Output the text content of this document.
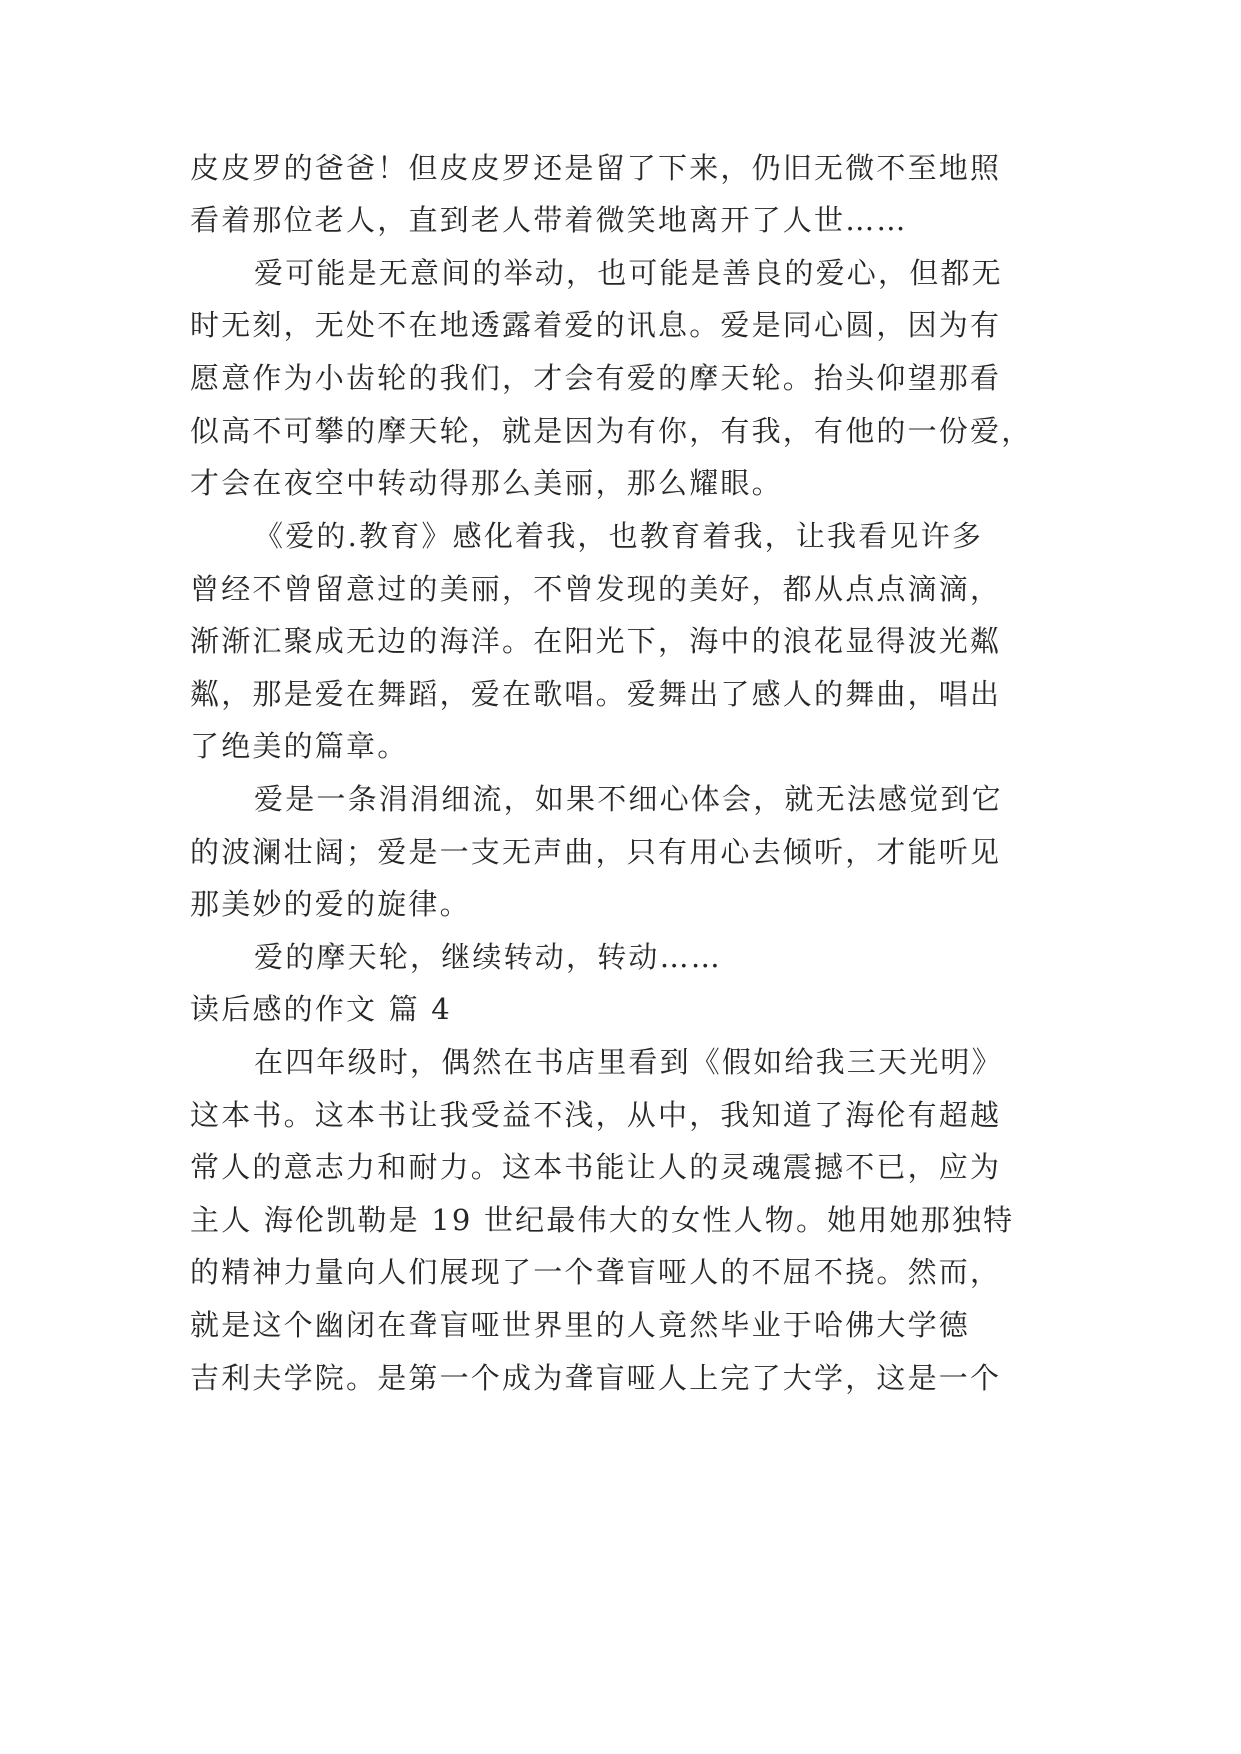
皮皮罗的爸爸！但皮皮罗还是留了下来，仍旧无微不至地照
看着那位老人，直到老人带着微笑地离开了人世……
爱可能是无意间的举动，也可能是善良的爱心，但都无
时无刻，无处不在地透露着爱的讯息。爱是同心圆，因为有
愿意作为小齿轮的我们，才会有爱的摩天轮。抬头仰望那看
似高不可攀的摩天轮，就是因为有你，有我，有他的一份爱，
才会在夜空中转动得那么美丽，那么耀眼。
《爱的.教育》感化着我，也教育着我，让我看见许多
曾经不曾留意过的美丽，不曾发现的美好，都从点点滴滴，
渐渐汇聚成无边的海洋。在阳光下，海中的浪花显得波光粼
粼，那是爱在舞蹈，爱在歌唱。爱舞出了感人的舞曲，唱出
了绝美的篇章。
爱是一条涓涓细流，如果不细心体会，就无法感觉到它
的波澜壮阔；爱是一支无声曲，只有用心去倾听，才能听见
那美妙的爱的旋律。
爱的摩天轮，继续转动，转动……
读后感的作文 篇 4
在四年级时，偶然在书店里看到《假如给我三天光明》
这本书。这本书让我受益不浅，从中，我知道了海伦有超越
常人的意志力和耐力。这本书能让人的灵魂震撼不已，应为
主人 海伦凯勒是 19 世纪最伟大的女性人物。她用她那独特
的精神力量向人们展现了一个聋盲哑人的不屈不挠。然而，
就是这个幽闭在聋盲哑世界里的人竟然毕业于哈佛大学德
吉利夫学院。是第一个成为聋盲哑人上完了大学，这是一个
